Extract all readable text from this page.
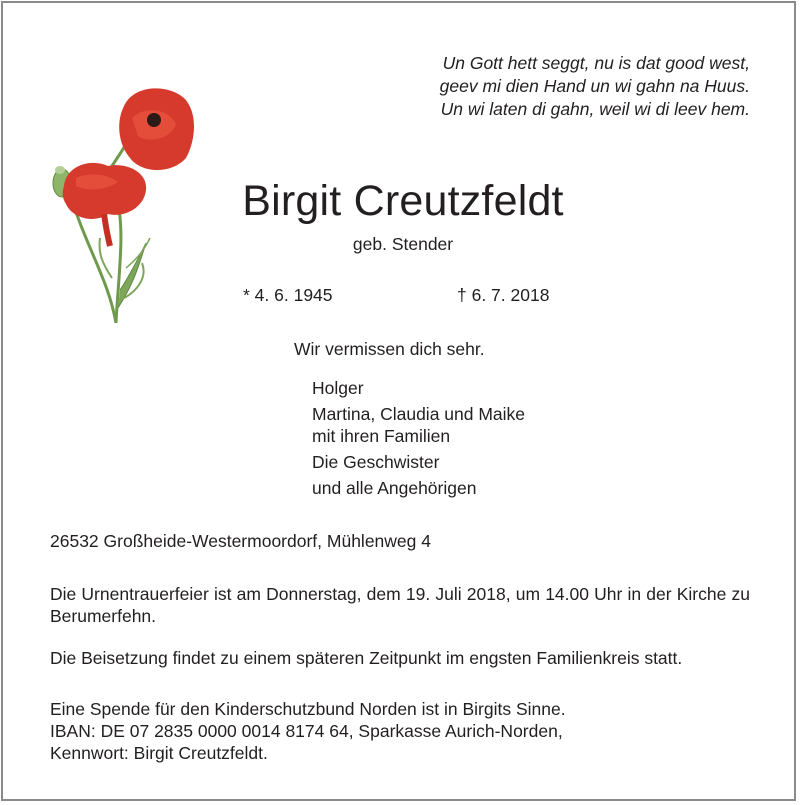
Un Gott hett seggt, nu is dat good west,
geev mi dien Hand un wi gahn na Huus.
Un wi laten di gahn, weil wi di leev hem.
Birgit Creutzfeldt
geb. Stender
* 4. 6. 1945	† 6. 7. 2018
Wir vermissen dich sehr.
Holger
Martina, Claudia und Maike
mit ihren Familien
Die Geschwister
und alle Angehörigen
26532 Großheide-Westermoordorf, Mühlenweg 4
Die Urnentrauerfeier ist am Donnerstag, dem 19. Juli 2018, um 14.00 Uhr in der Kirche zu Berumerfehn.
Die Beisetzung findet zu einem späteren Zeitpunkt im engsten Familienkreis statt.
Eine Spende für den Kinderschutzbund Norden ist in Birgits Sinne.
IBAN: DE 07 2835 0000 0014 8174 64, Sparkasse Aurich-Norden,
Kennwort: Birgit Creutzfeldt.
